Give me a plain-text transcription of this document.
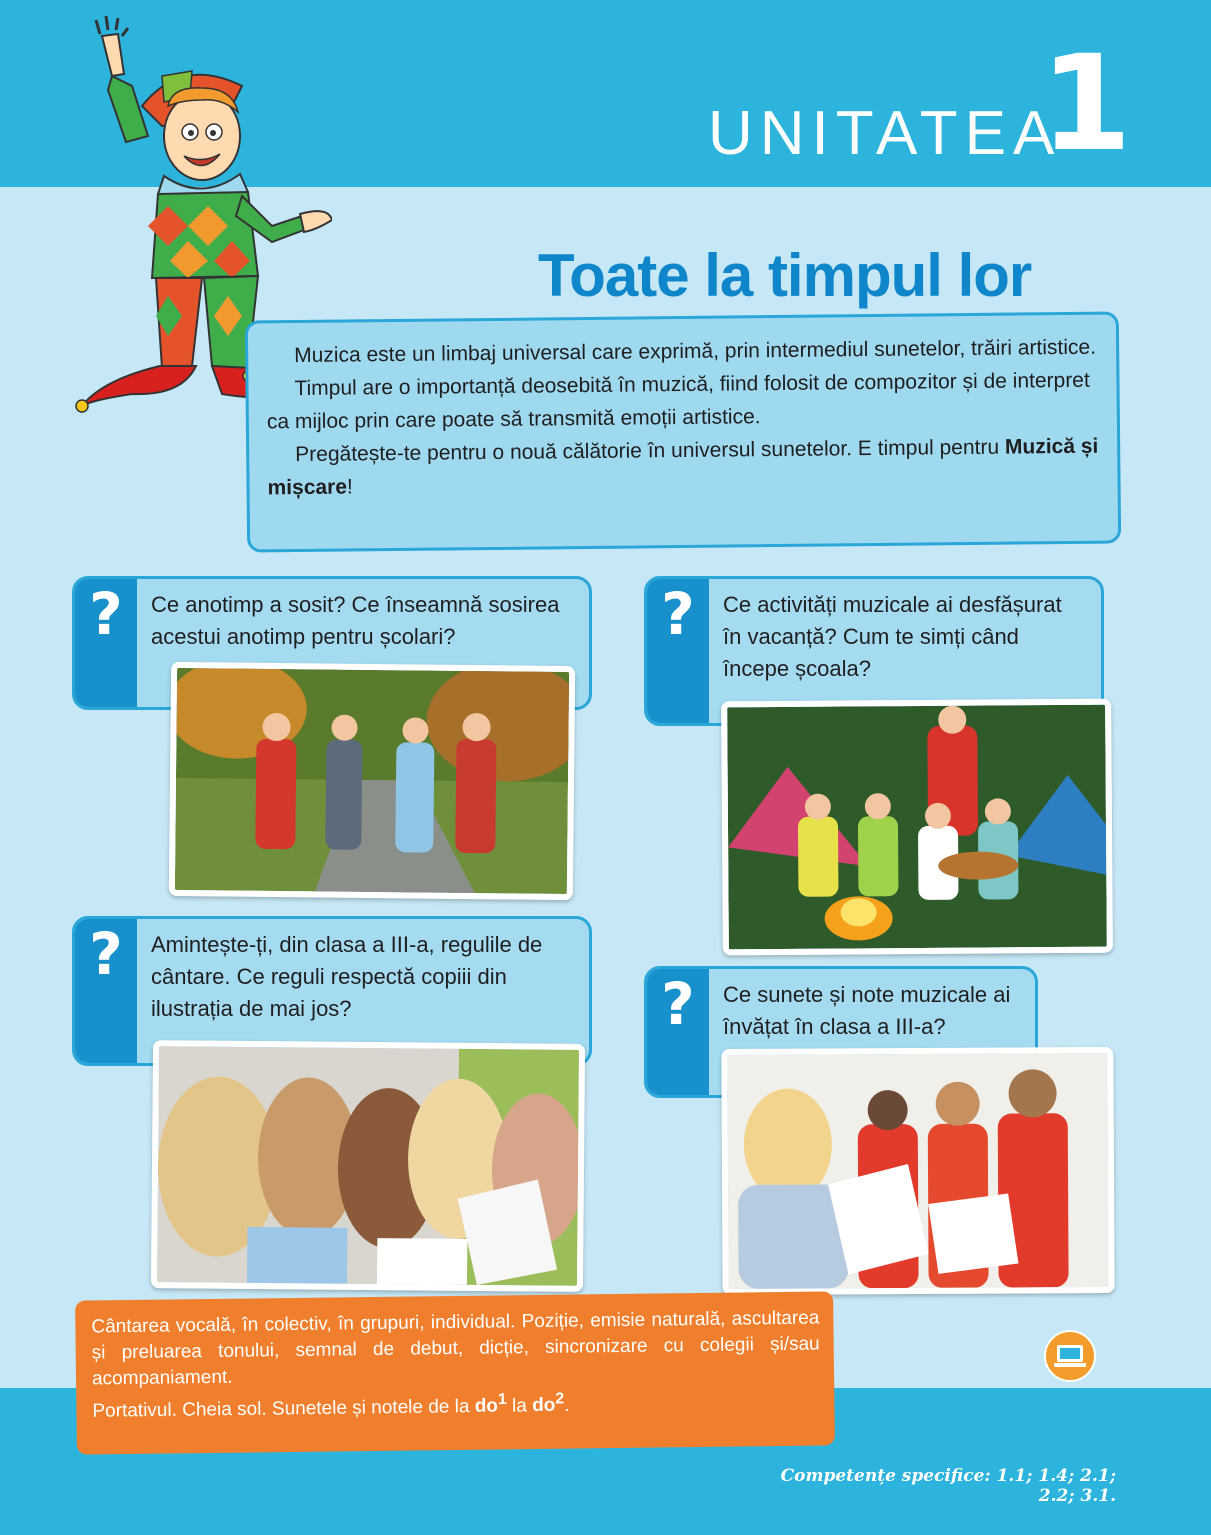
UNITATEA
1
Toate la timpul lor

Muzica este un limbaj universal care exprimă, prin intermediul sunetelor, trăiri artistice.

Timpul are o importanță deosebită în muzică, fiind folosit de compozitor și de interpret ca mijloc prin care poate să transmită emoții artistice.

Pregătește-te pentru o nouă călătorie în universul sunetelor. E timpul pentru Muzică și mișcare!

? Ce anotimp a sosit? Ce înseamnă sosirea acestui anotimp pentru școlari?	? Ce activități muzicale ai desfășurat în vacanță? Cum te simți când începe școala?
? Amintește-ți, din clasa a III-a, regulile de cântare. Ce reguli respectă copiii din ilustrația de mai jos?	? Ce sunete și note muzicale ai învățat în clasa a III-a?

Cântarea vocală, în colectiv, în grupuri, individual. Poziție, emisie naturală, ascultarea și preluarea tonului, semnal de debut, dicție, sincronizare cu colegii și/sau acompaniament.

Portativul. Cheia sol. Sunetele și notele de la $do^1$ la $do^2$.

Competențe specifice: 1.1; 1.4; 2.1; 2.2; 3.1.
